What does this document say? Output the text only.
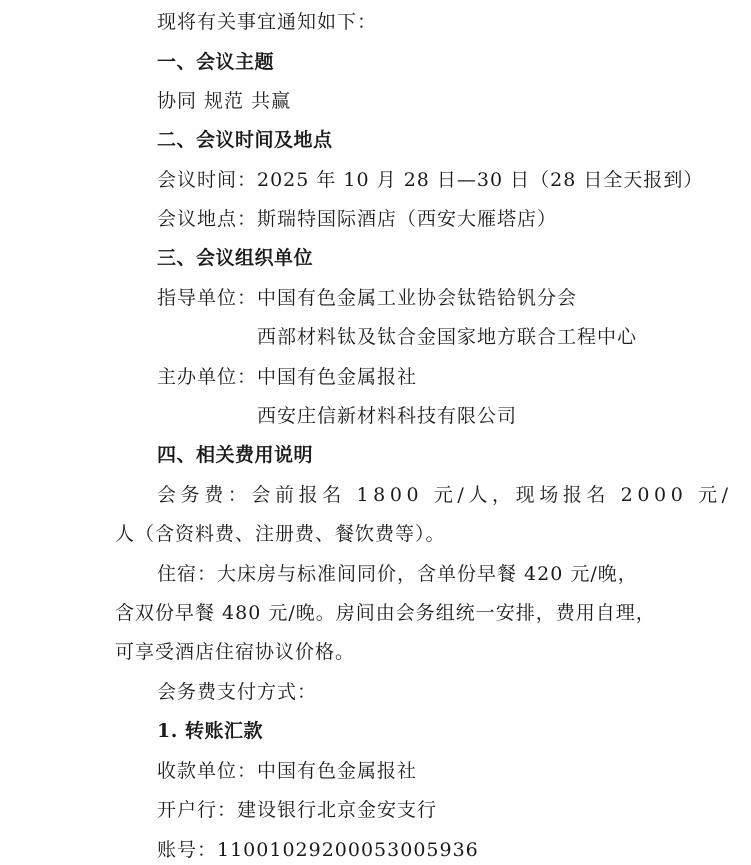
现将有关事宜通知如下：
一、会议主题
协同 规范 共赢
二、会议时间及地点
会议时间：2025 年 10 月 28 日—30 日（28 日全天报到）
会议地点：斯瑞特国际酒店（西安大雁塔店）
三、会议组织单位
指导单位： 中国有色金属工业协会钛锆铪钒分会
西部材料钛及钛合金国家地方联合工程中心
主办单位： 中国有色金属报社
西安庄信新材料科技有限公司
四、相关费用说明
会务费：会前报名 1800 元/人，现场报名 2000 元/
人（含资料费、注册费、餐饮费等）。
住宿：大床房与标准间同价，含单份早餐 420 元/晚，
含双份早餐 480 元/晚。房间由会务组统一安排，费用自理，
可享受酒店住宿协议价格。
会务费支付方式：
1. 转账汇款
收款单位：中国有色金属报社
开户行：建设银行北京金安支行
账号：11001029200053005936
